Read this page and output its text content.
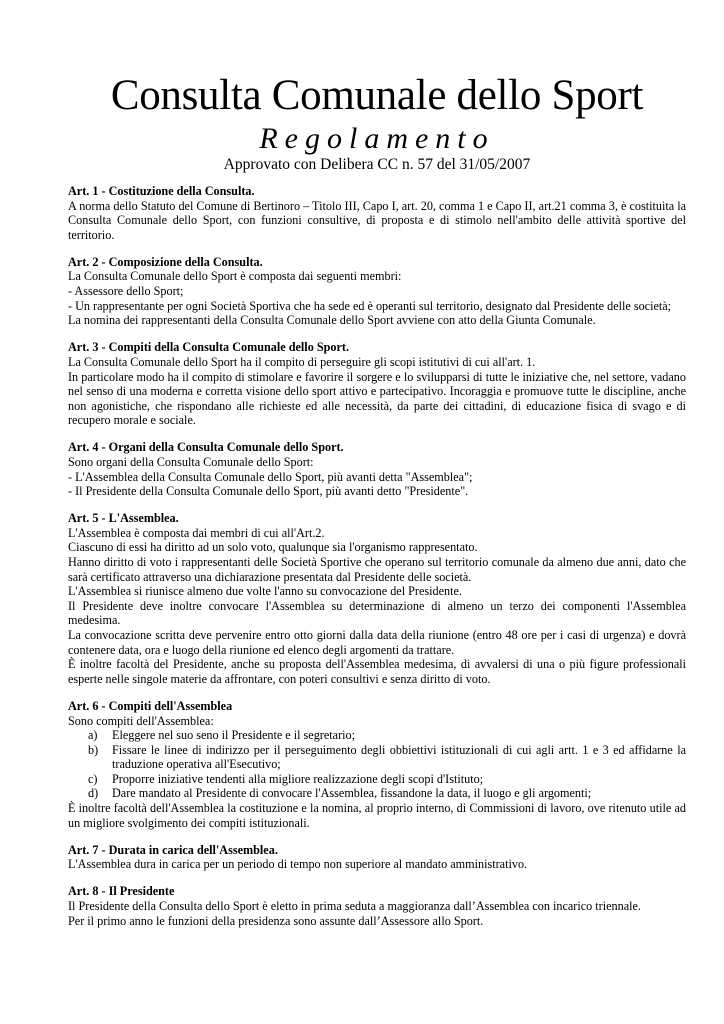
Consulta Comunale dello Sport
Regolamento
Approvato con Delibera CC n. 57 del 31/05/2007
Art. 1 - Costituzione della Consulta.

A norma dello Statuto del Comune di Bertinoro – Titolo III, Capo I, art. 20, comma 1 e Capo II, art.21 comma 3, è costituita la Consulta Comunale dello Sport, con funzioni consultive, di proposta e di stimolo nell'ambito delle attività sportive del territorio.

Art. 2 - Composizione della Consulta.

La Consulta Comunale dello Sport è composta dai seguenti membri:

- Assessore dello Sport;

- Un rappresentante per ogni Società Sportiva che ha sede ed è operanti sul territorio, designato dal Presidente delle società;

La nomina dei rappresentanti della Consulta Comunale dello Sport avviene con atto della Giunta Comunale.

Art. 3 - Compiti della Consulta Comunale dello Sport.

La Consulta Comunale dello Sport ha il compito di perseguire gli scopi istitutivi di cui all'art. 1.

In particolare modo ha il compito di stimolare e favorire il sorgere e lo svilupparsi di tutte le iniziative che, nel settore, vadano nel senso di una moderna e corretta visione dello sport attivo e partecipativo. Incoraggia e promuove tutte le discipline, anche non agonistiche, che rispondano alle richieste ed alle necessità, da parte dei cittadini, di educazione fisica di svago e di recupero morale e sociale.

Art. 4 - Organi della Consulta Comunale dello Sport.

Sono organi della Consulta Comunale dello Sport:

- L'Assemblea della Consulta Comunale dello Sport, più avanti detta "Assemblea";

- Il Presidente della Consulta Comunale dello Sport, più avanti detto "Presidente".

Art. 5 - L'Assemblea.

L'Assemblea è composta dai membri di cui all'Art.2.

Ciascuno di essi ha diritto ad un solo voto, qualunque sia l'organismo rappresentato.

Hanno diritto di voto i rappresentanti delle Società Sportive che operano sul territorio comunale da almeno due anni, dato che sarà certificato attraverso una dichiarazione presentata dal Presidente delle società.

L'Assemblea si riunisce almeno due volte l'anno su convocazione del Presidente.

Il Presidente deve inoltre convocare l'Assemblea su determinazione di almeno un terzo dei componenti l'Assemblea medesima.

La convocazione scritta deve pervenire entro otto giorni dalla data della riunione (entro 48 ore per i casi di urgenza) e dovrà contenere data, ora e luogo della riunione ed elenco degli argomenti da trattare.

È inoltre facoltà del Presidente, anche su proposta dell'Assemblea medesima, di avvalersi di una o più figure professionali esperte nelle singole materie da affrontare, con poteri consultivi e senza diritto di voto.

Art. 6 - Compiti dell'Assemblea

Sono compiti dell'Assemblea:

a) Eleggere nel suo seno il Presidente e il segretario;
b) Fissare le linee di indirizzo per il perseguimento degli obbiettivi istituzionali di cui agli artt. 1 e 3 ed affidarne la traduzione operativa all'Esecutivo;
c) Proporre iniziative tendenti alla migliore realizzazione degli scopi d'Istituto;
d) Dare mandato al Presidente di convocare l'Assemblea, fissandone la data, il luogo e gli argomenti;

È inoltre facoltà dell'Assemblea la costituzione e la nomina, al proprio interno, di Commissioni di lavoro, ove ritenuto utile ad un migliore svolgimento dei compiti istituzionali.

Art. 7 - Durata in carica dell'Assemblea.

L'Assemblea dura in carica per un periodo di tempo non superiore al mandato amministrativo.

Art. 8 - Il Presidente

Il Presidente della Consulta dello Sport è eletto in prima seduta a maggioranza dall’Assemblea con incarico triennale.

Per il primo anno le funzioni della presidenza sono assunte dall’Assessore allo Sport.
